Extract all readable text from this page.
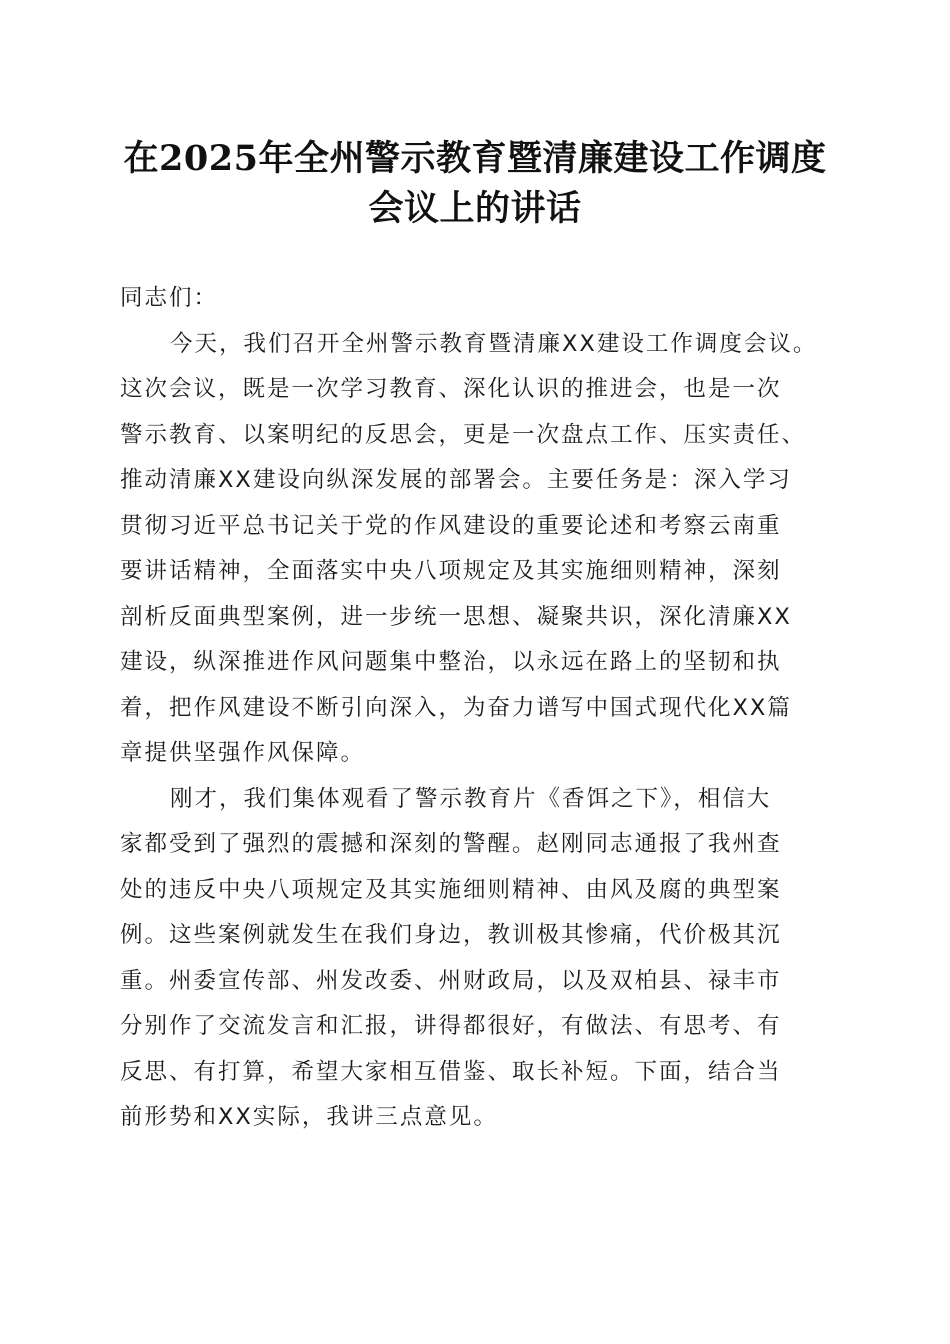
在2025年全州警示教育暨清廉建设工作调度
会议上的讲话

同志们：

今天，我们召开全州警示教育暨清廉XX建设工作调度会议。
这次会议，既是一次学习教育、深化认识的推进会，也是一次
警示教育、以案明纪的反思会，更是一次盘点工作、压实责任、
推动清廉XX建设向纵深发展的部署会。主要任务是：深入学习
贯彻习近平总书记关于党的作风建设的重要论述和考察云南重
要讲话精神，全面落实中央八项规定及其实施细则精神，深刻
剖析反面典型案例，进一步统一思想、凝聚共识，深化清廉XX
建设，纵深推进作风问题集中整治，以永远在路上的坚韧和执
着，把作风建设不断引向深入，为奋力谱写中国式现代化XX篇
章提供坚强作风保障。

刚才，我们集体观看了警示教育片《香饵之下》，相信大
家都受到了强烈的震撼和深刻的警醒。赵刚同志通报了我州查
处的违反中央八项规定及其实施细则精神、由风及腐的典型案
例。这些案例就发生在我们身边，教训极其惨痛，代价极其沉
重。州委宣传部、州发改委、州财政局，以及双柏县、禄丰市
分别作了交流发言和汇报，讲得都很好，有做法、有思考、有
反思、有打算，希望大家相互借鉴、取长补短。下面，结合当
前形势和XX实际，我讲三点意见。
